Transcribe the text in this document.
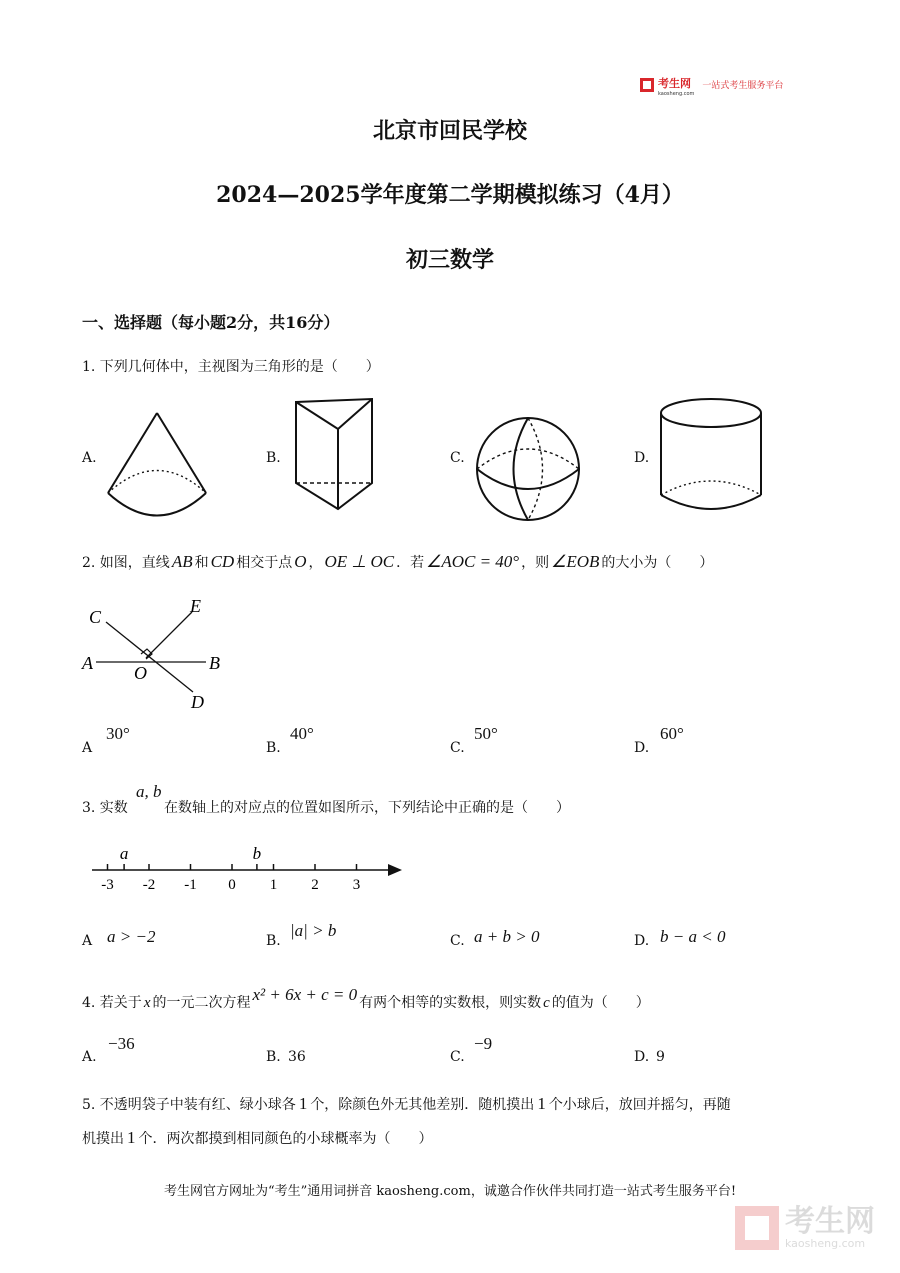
考生网
kaosheng.com
一站式考生服务平台
北京市回民学校
2024—2025学年度第二学期模拟练习（4月）
初三数学
一、选择题（每小题2分，共16分）
1. 下列几何体中，主视图为三角形的是（　　）
A.	B.	C.	D.
2. 如图，直线 AB 和 CD 相交于点 O ， OE ⊥ OC ．若 ∠AOC = 40° ，则 ∠EOB 的大小为（　　）
C
E
A O	B
D
A
30°
B.
40°
C.
50°
D.
60°
3. 实数
a, b
在数轴上的对应点的位置如图所示，下列结论中正确的是（　　）
-3 -2 -1 0 1 2 3
a	b
A a > −2	B.
|a| > b
C. a + b > 0	D. b − a < 0
4. 若关于 x 的一元二次方程 x² + 6x + c = 0 有两个相等的实数根，则实数 c 的值为（　　）
A.
−36
B. 36	C.
−9
D. 9
5. 不透明袋子中装有红、绿小球各 1 个，除颜色外无其他差别．随机摸出 1 个小球后，放回并摇匀，再随
机摸出 1 个．两次都摸到相同颜色的小球概率为（　　）
考生网官方网址为“考生”通用词拼音 kaosheng.com，诚邀合作伙伴共同打造一站式考生服务平台!
考生网
kaosheng.com
